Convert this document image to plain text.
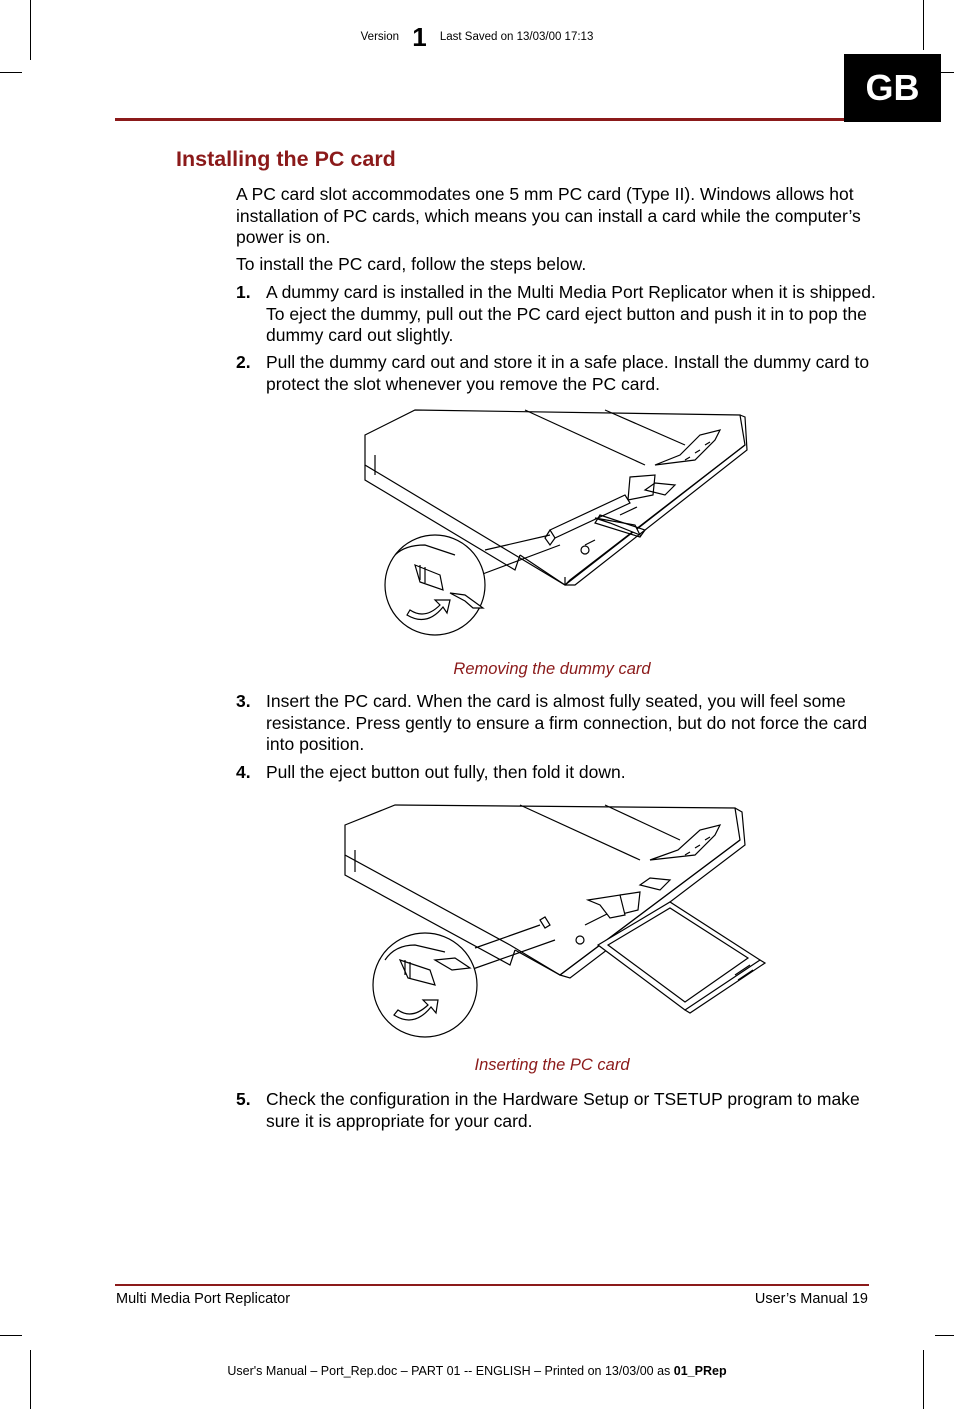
Version 1 Last Saved on 13/03/00 17:13
GB
Installing the PC card
A PC card slot accommodates one 5 mm PC card (Type II). Windows allows hot installation of PC cards, which means you can install a card while the computer’s power is on.
To install the PC card, follow the steps below.
1. A dummy card is installed in the Multi Media Port Replicator when it is shipped. To eject the dummy, pull out the PC card eject button and push it in to pop the dummy card out slightly.
2. Pull the dummy card out and store it in a safe place. Install the dummy card to protect the slot whenever you remove the PC card.
Removing the dummy card
3. Insert the PC card. When the card is almost fully seated, you will feel some resistance. Press gently to ensure a firm connection, but do not force the card into position.
4. Pull the eject button out fully, then fold it down.
Inserting the PC card
5. Check the configuration in the Hardware Setup or TSETUP program to make sure it is appropriate for your card.
Multi Media Port Replicator	User’s Manual 19
User's Manual – Port_Rep.doc – PART 01 -- ENGLISH – Printed on 13/03/00 as 01_PRep
